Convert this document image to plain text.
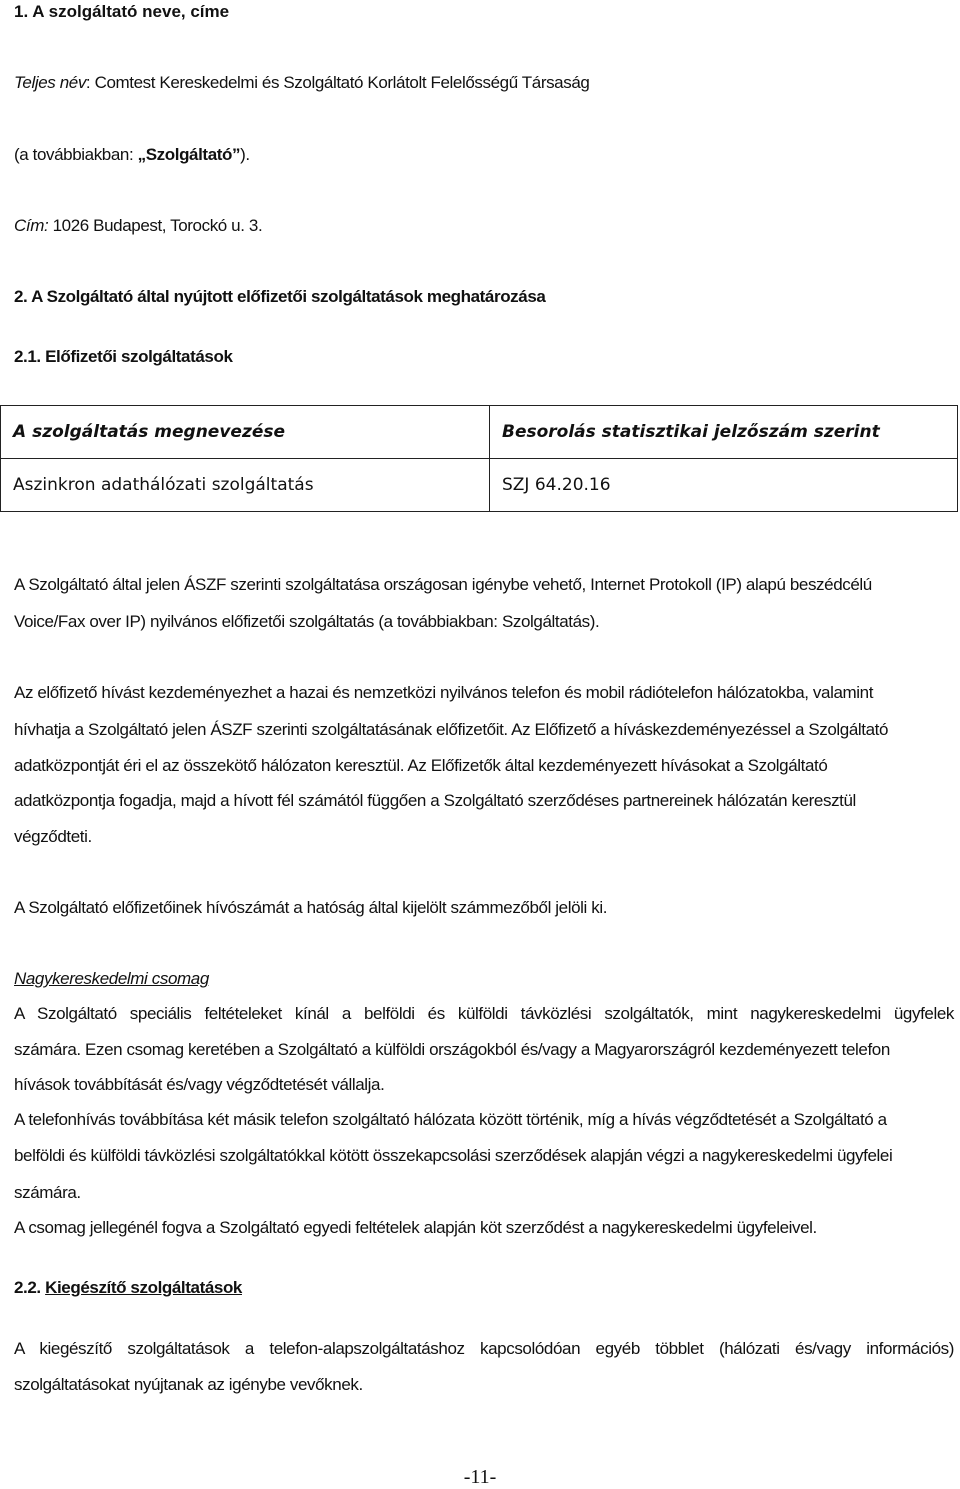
1. A szolgáltató neve, címe
Teljes név: Comtest Kereskedelmi és Szolgáltató Korlátolt Felelősségű Társaság
(a továbbiakban: „Szolgáltató”).
Cím: 1026 Budapest, Torockó u. 3.
2. A Szolgáltató által nyújtott előfizetői szolgáltatások meghatározása
2.1. Előfizetői szolgáltatások
A szolgáltatás megnevezése	Besorolás statisztikai jelzőszám szerint
Aszinkron adathálózati szolgáltatás	SZJ 64.20.16
A Szolgáltató által jelen ÁSZF szerinti szolgáltatása országosan igénybe vehető, Internet Protokoll (IP) alapú beszédcélú
Voice/Fax over IP) nyilvános előfizetői szolgáltatás (a továbbiakban: Szolgáltatás).
Az előfizető hívást kezdeményezhet a hazai és nemzetközi nyilvános telefon és mobil rádiótelefon hálózatokba, valamint
hívhatja a Szolgáltató jelen ÁSZF szerinti szolgáltatásának előfizetőit. Az Előfizető a híváskezdeményezéssel a Szolgáltató
adatközpontját éri el az összekötő hálózaton keresztül. Az Előfizetők által kezdeményezett hívásokat a Szolgáltató
adatközpontja fogadja, majd a hívott fél számától függően a Szolgáltató szerződéses partnereinek hálózatán keresztül
végződteti.
A Szolgáltató előfizetőinek hívószámát a hatóság által kijelölt számmezőből jelöli ki.
Nagykereskedelmi csomag
A Szolgáltató speciális feltételeket kínál a belföldi és külföldi távközlési szolgáltatók, mint nagykereskedelmi ügyfelek
számára. Ezen csomag keretében a Szolgáltató a külföldi országokból és/vagy a Magyarországról kezdeményezett telefon
hívások továbbítását és/vagy végződtetését vállalja.
A telefonhívás továbbítása két másik telefon szolgáltató hálózata között történik, míg a hívás végződtetését a Szolgáltató a
belföldi és külföldi távközlési szolgáltatókkal kötött összekapcsolási szerződések alapján végzi a nagykereskedelmi ügyfelei
számára.
A csomag jellegénél fogva a Szolgáltató egyedi feltételek alapján köt szerződést a nagykereskedelmi ügyfeleivel.
2.2. Kiegészítő szolgáltatások
A kiegészítő szolgáltatások a telefon-alapszolgáltatáshoz kapcsolódóan egyéb többlet (hálózati és/vagy információs)
szolgáltatásokat nyújtanak az igénybe vevőknek.
-11-
